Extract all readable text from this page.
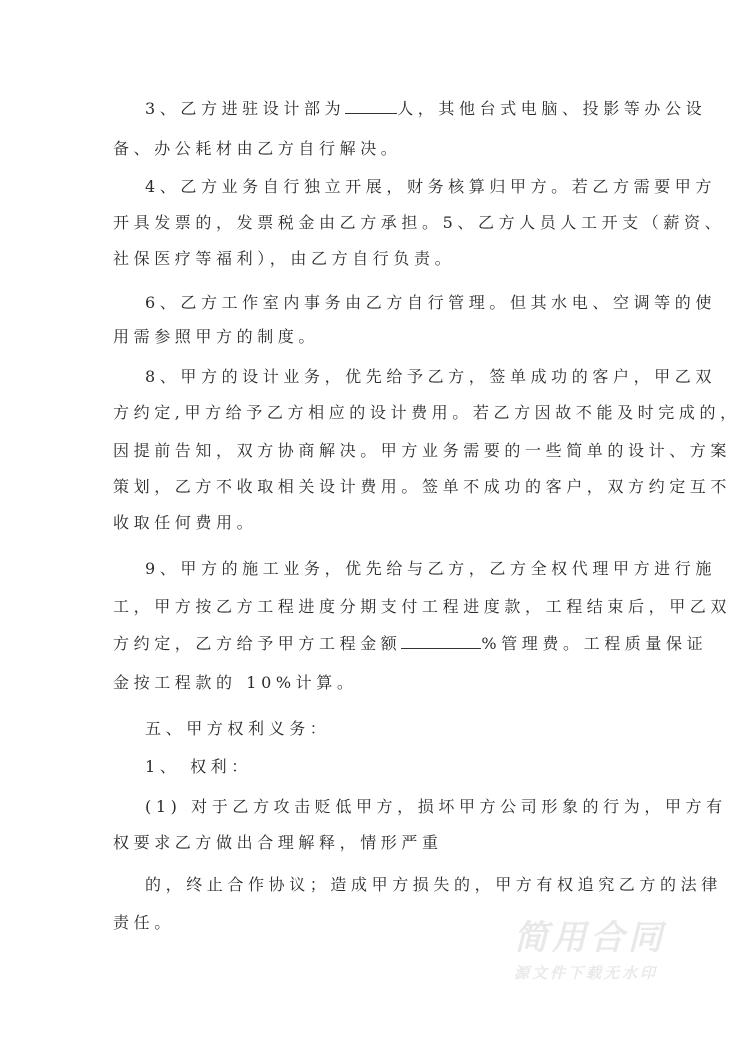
3、乙方进驻设计部为	人，其他台式电脑、投影等办公设
备、办公耗材由乙方自行解决。
4、乙方业务自行独立开展，财务核算归甲方。若乙方需要甲方
开具发票的，发票税金由乙方承担。5、乙方人员人工开支（薪资、
社保医疗等福利），由乙方自行负责。
6、乙方工作室内事务由乙方自行管理。但其水电、空调等的使
用需参照甲方的制度。
8、甲方的设计业务，优先给予乙方，签单成功的客户，甲乙双
方约定,甲方给予乙方相应的设计费用。若乙方因故不能及时完成的，
因提前告知，双方协商解决。甲方业务需要的一些简单的设计、方案
策划，乙方不收取相关设计费用。签单不成功的客户，双方约定互不
收取任何费用。
9、甲方的施工业务，优先给与乙方，乙方全权代理甲方进行施
工，甲方按乙方工程进度分期支付工程进度款，工程结束后，甲乙双
方约定，乙方给予甲方工程金额	%管理费。工程质量保证
金按工程款的 10%计算。
五、甲方权利义务：
1、 权利：
(1) 对于乙方攻击贬低甲方，损坏甲方公司形象的行为，甲方有
权要求乙方做出合理解释，情形严重
的，终止合作协议；造成甲方损失的，甲方有权追究乙方的法律
责任。	简用合同
源文件下载无水印
